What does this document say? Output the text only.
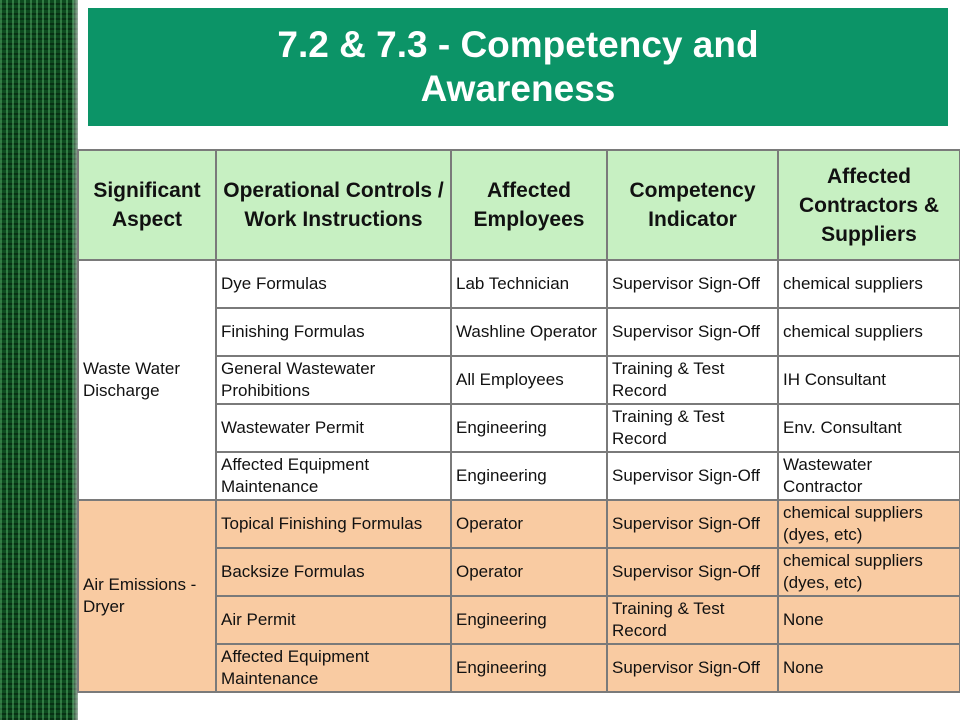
7.2 & 7.3 - Competency and
Awareness
Significant Aspect	Operational Controls / Work Instructions	Affected Employees	Competency Indicator	Affected Contractors & Suppliers
Waste Water Discharge	Dye Formulas	Lab Technician	Supervisor Sign-Off	chemical suppliers
	Finishing Formulas	Washline Operator	Supervisor Sign-Off	chemical suppliers
	General Wastewater Prohibitions	All Employees	Training & Test Record	IH Consultant
	Wastewater Permit	Engineering	Training & Test Record	Env. Consultant
	Affected Equipment Maintenance	Engineering	Supervisor Sign-Off	Wastewater Contractor
Air Emissions - Dryer	Topical Finishing Formulas	Operator	Supervisor Sign-Off	chemical suppliers (dyes, etc)
	Backsize Formulas	Operator	Supervisor Sign-Off	chemical suppliers (dyes, etc)
	Air Permit	Engineering	Training & Test Record	None
	Affected Equipment Maintenance	Engineering	Supervisor Sign-Off	None
